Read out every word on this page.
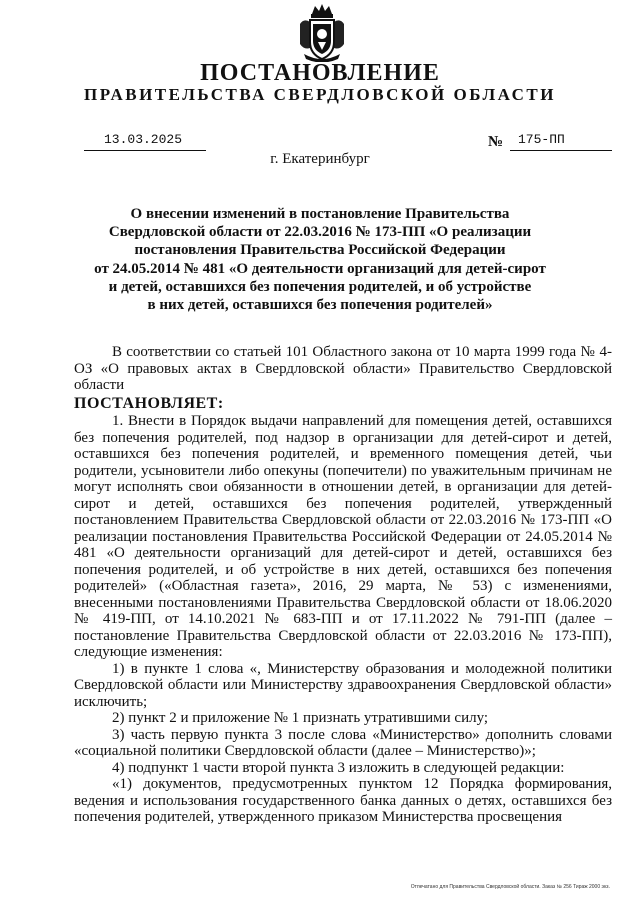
ПОСТАНОВЛЕНИЕ
ПРАВИТЕЛЬСТВА СВЕРДЛОВСКОЙ ОБЛАСТИ
13.03.2025	№ 175-ПП
г. Екатеринбург
О внесении изменений в постановление Правительства
Свердловской области от 22.03.2016 № 173-ПП «О реализации
постановления Правительства Российской Федерации
от 24.05.2014 № 481 «О деятельности организаций для детей-сирот
и детей, оставшихся без попечения родителей, и об устройстве
в них детей, оставшихся без попечения родителей»

В соответствии со статьей 101 Областного закона от 10 марта 1999 года № 4-ОЗ «О правовых актах в Свердловской области» Правительство Свердловской области

ПОСТАНОВЛЯЕТ:

1. Внести в Порядок выдачи направлений для помещения детей, оставшихся без попечения родителей, под надзор в организации для детей-сирот и детей, оставшихся без попечения родителей, и временного помещения детей, чьи родители, усыновители либо опекуны (попечители) по уважительным причинам не могут исполнять свои обязанности в отношении детей, в организации для детей-сирот и детей, оставшихся без попечения родителей, утвержденный постановлением Правительства Свердловской области от 22.03.2016 № 173-ПП «О реализации постановления Правительства Российской Федерации от 24.05.2014 № 481 «О деятельности организаций для детей-сирот и детей, оставшихся без попечения родителей, и об устройстве в них детей, оставшихся без попечения родителей» («Областная газета», 2016, 29 марта, № 53) с изменениями, внесенными постановлениями Правительства Свердловской области от 18.06.2020 № 419-ПП, от 14.10.2021 № 683-ПП и от 17.11.2022 № 791-ПП (далее – постановление Правительства Свердловской области от 22.03.2016 № 173-ПП), следующие изменения:

1) в пункте 1 слова «, Министерству образования и молодежной политики Свердловской области или Министерству здравоохранения Свердловской области» исключить;

2) пункт 2 и приложение № 1 признать утратившими силу;

3) часть первую пункта 3 после слова «Министерство» дополнить словами «социальной политики Свердловской области (далее – Министерство)»;

4) подпункт 1 части второй пункта 3 изложить в следующей редакции:

«1) документов, предусмотренных пунктом 12 Порядка формирования, ведения и использования государственного банка данных о детях, оставшихся без попечения родителей, утвержденного приказом Министерства просвещения

Отпечатано для Правительства Свердловской области. Заказ № 256 Тираж 2000 экз.
